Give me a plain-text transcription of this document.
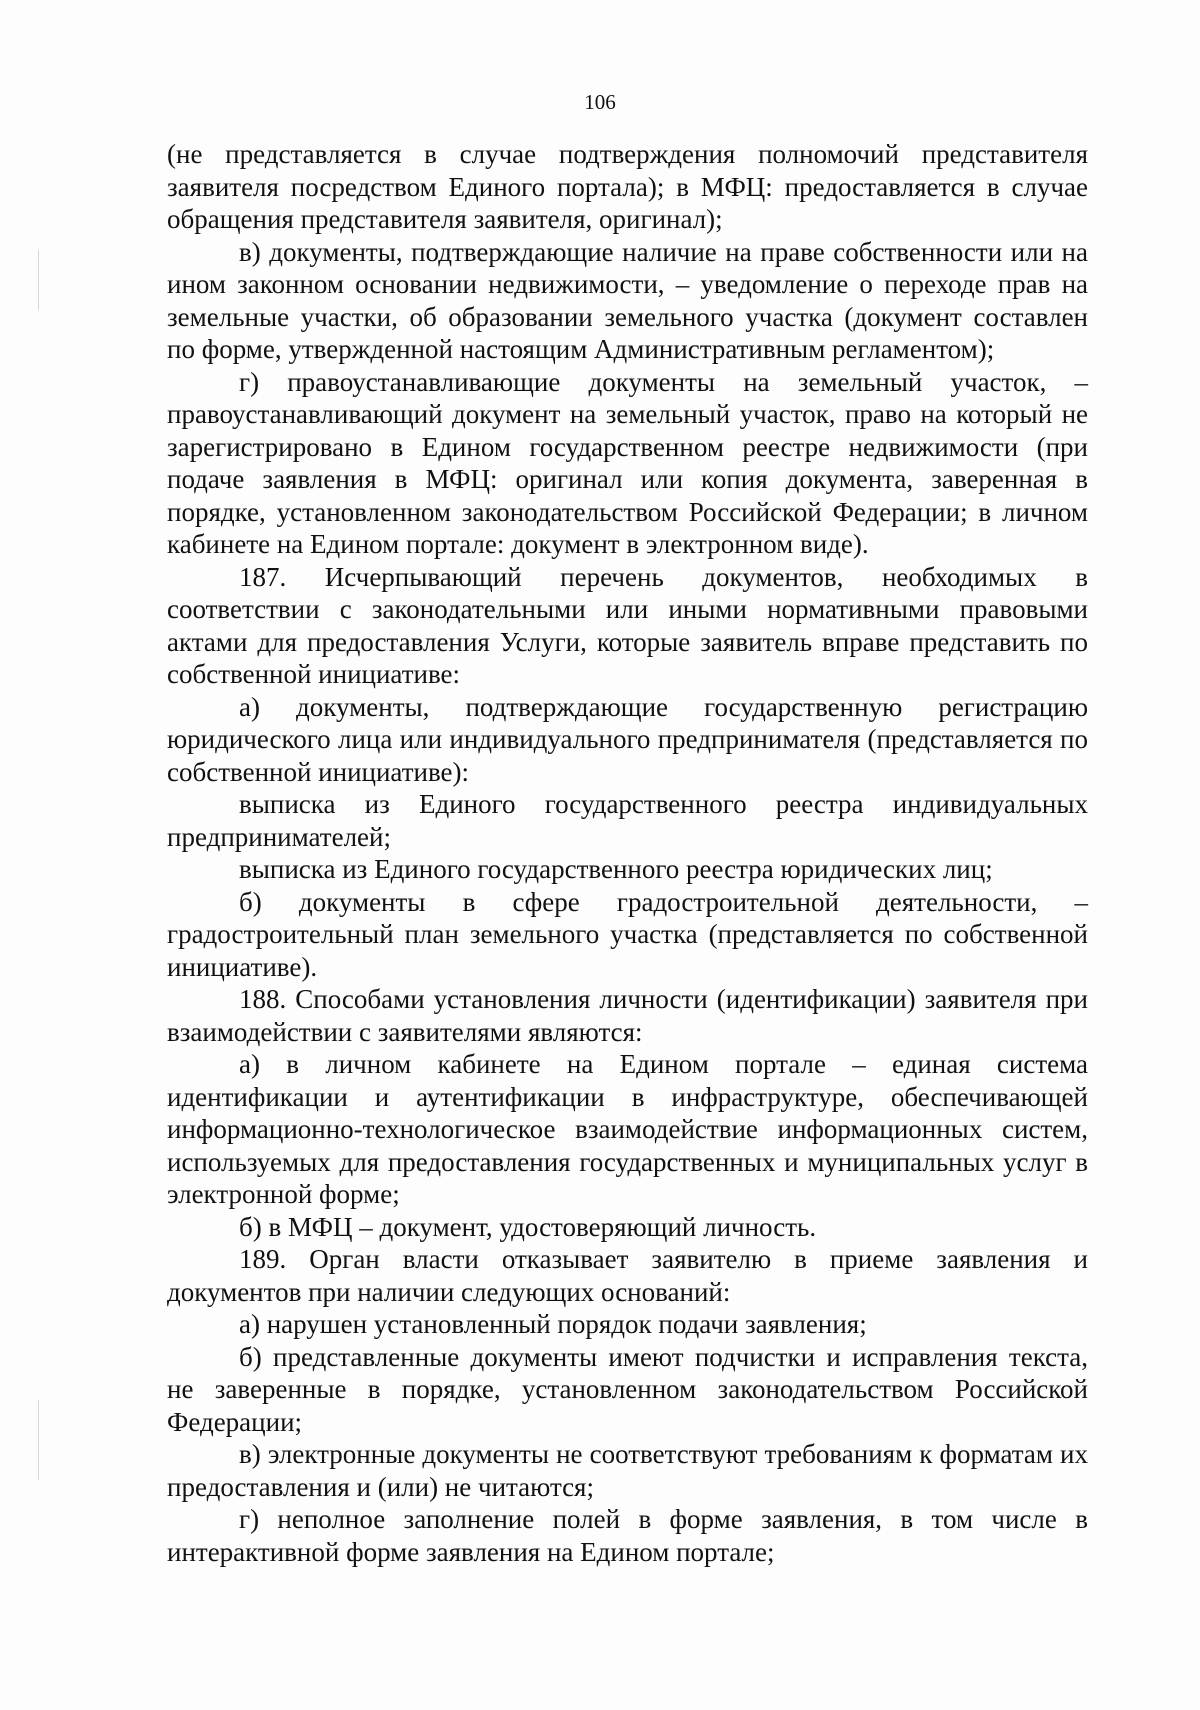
106

(не представляется в случае подтверждения полномочий представителя заявителя посредством Единого портала); в МФЦ: предоставляется в случае обращения представителя заявителя, оригинал);

в) документы, подтверждающие наличие на праве собственности или на ином законном основании недвижимости, – уведомление о переходе прав на земельные участки, об образовании земельного участка (документ составлен по форме, утвержденной настоящим Административным регламентом);

г) правоустанавливающие документы на земельный участок, – правоустанавливающий документ на земельный участок, право на который не зарегистрировано в Едином государственном реестре недвижимости (при подаче заявления в МФЦ: оригинал или копия документа, заверенная в порядке, установленном законодательством Российской Федерации; в личном кабинете на Едином портале: документ в электронном виде).

187. Исчерпывающий перечень документов, необходимых в соответствии с законодательными или иными нормативными правовыми актами для предоставления Услуги, которые заявитель вправе представить по собственной инициативе:

а) документы, подтверждающие государственную регистрацию юридического лица или индивидуального предпринимателя (представляется по собственной инициативе):

выписка из Единого государственного реестра индивидуальных предпринимателей;

выписка из Единого государственного реестра юридических лиц;

б) документы в сфере градостроительной деятельности, – градостроительный план земельного участка (представляется по собственной инициативе).

188. Способами установления личности (идентификации) заявителя при взаимодействии с заявителями являются:

а) в личном кабинете на Едином портале – единая система идентификации и аутентификации в инфраструктуре, обеспечивающей информационно-технологическое взаимодействие информационных систем, используемых для предоставления государственных и муниципальных услуг в электронной форме;

б) в МФЦ – документ, удостоверяющий личность.

189. Орган власти отказывает заявителю в приеме заявления и документов при наличии следующих оснований:

а) нарушен установленный порядок подачи заявления;

б) представленные документы имеют подчистки и исправления текста, не заверенные в порядке, установленном законодательством Российской Федерации;

в) электронные документы не соответствуют требованиям к форматам их предоставления и (или) не читаются;

г) неполное заполнение полей в форме заявления, в том числе в интерактивной форме заявления на Едином портале;
